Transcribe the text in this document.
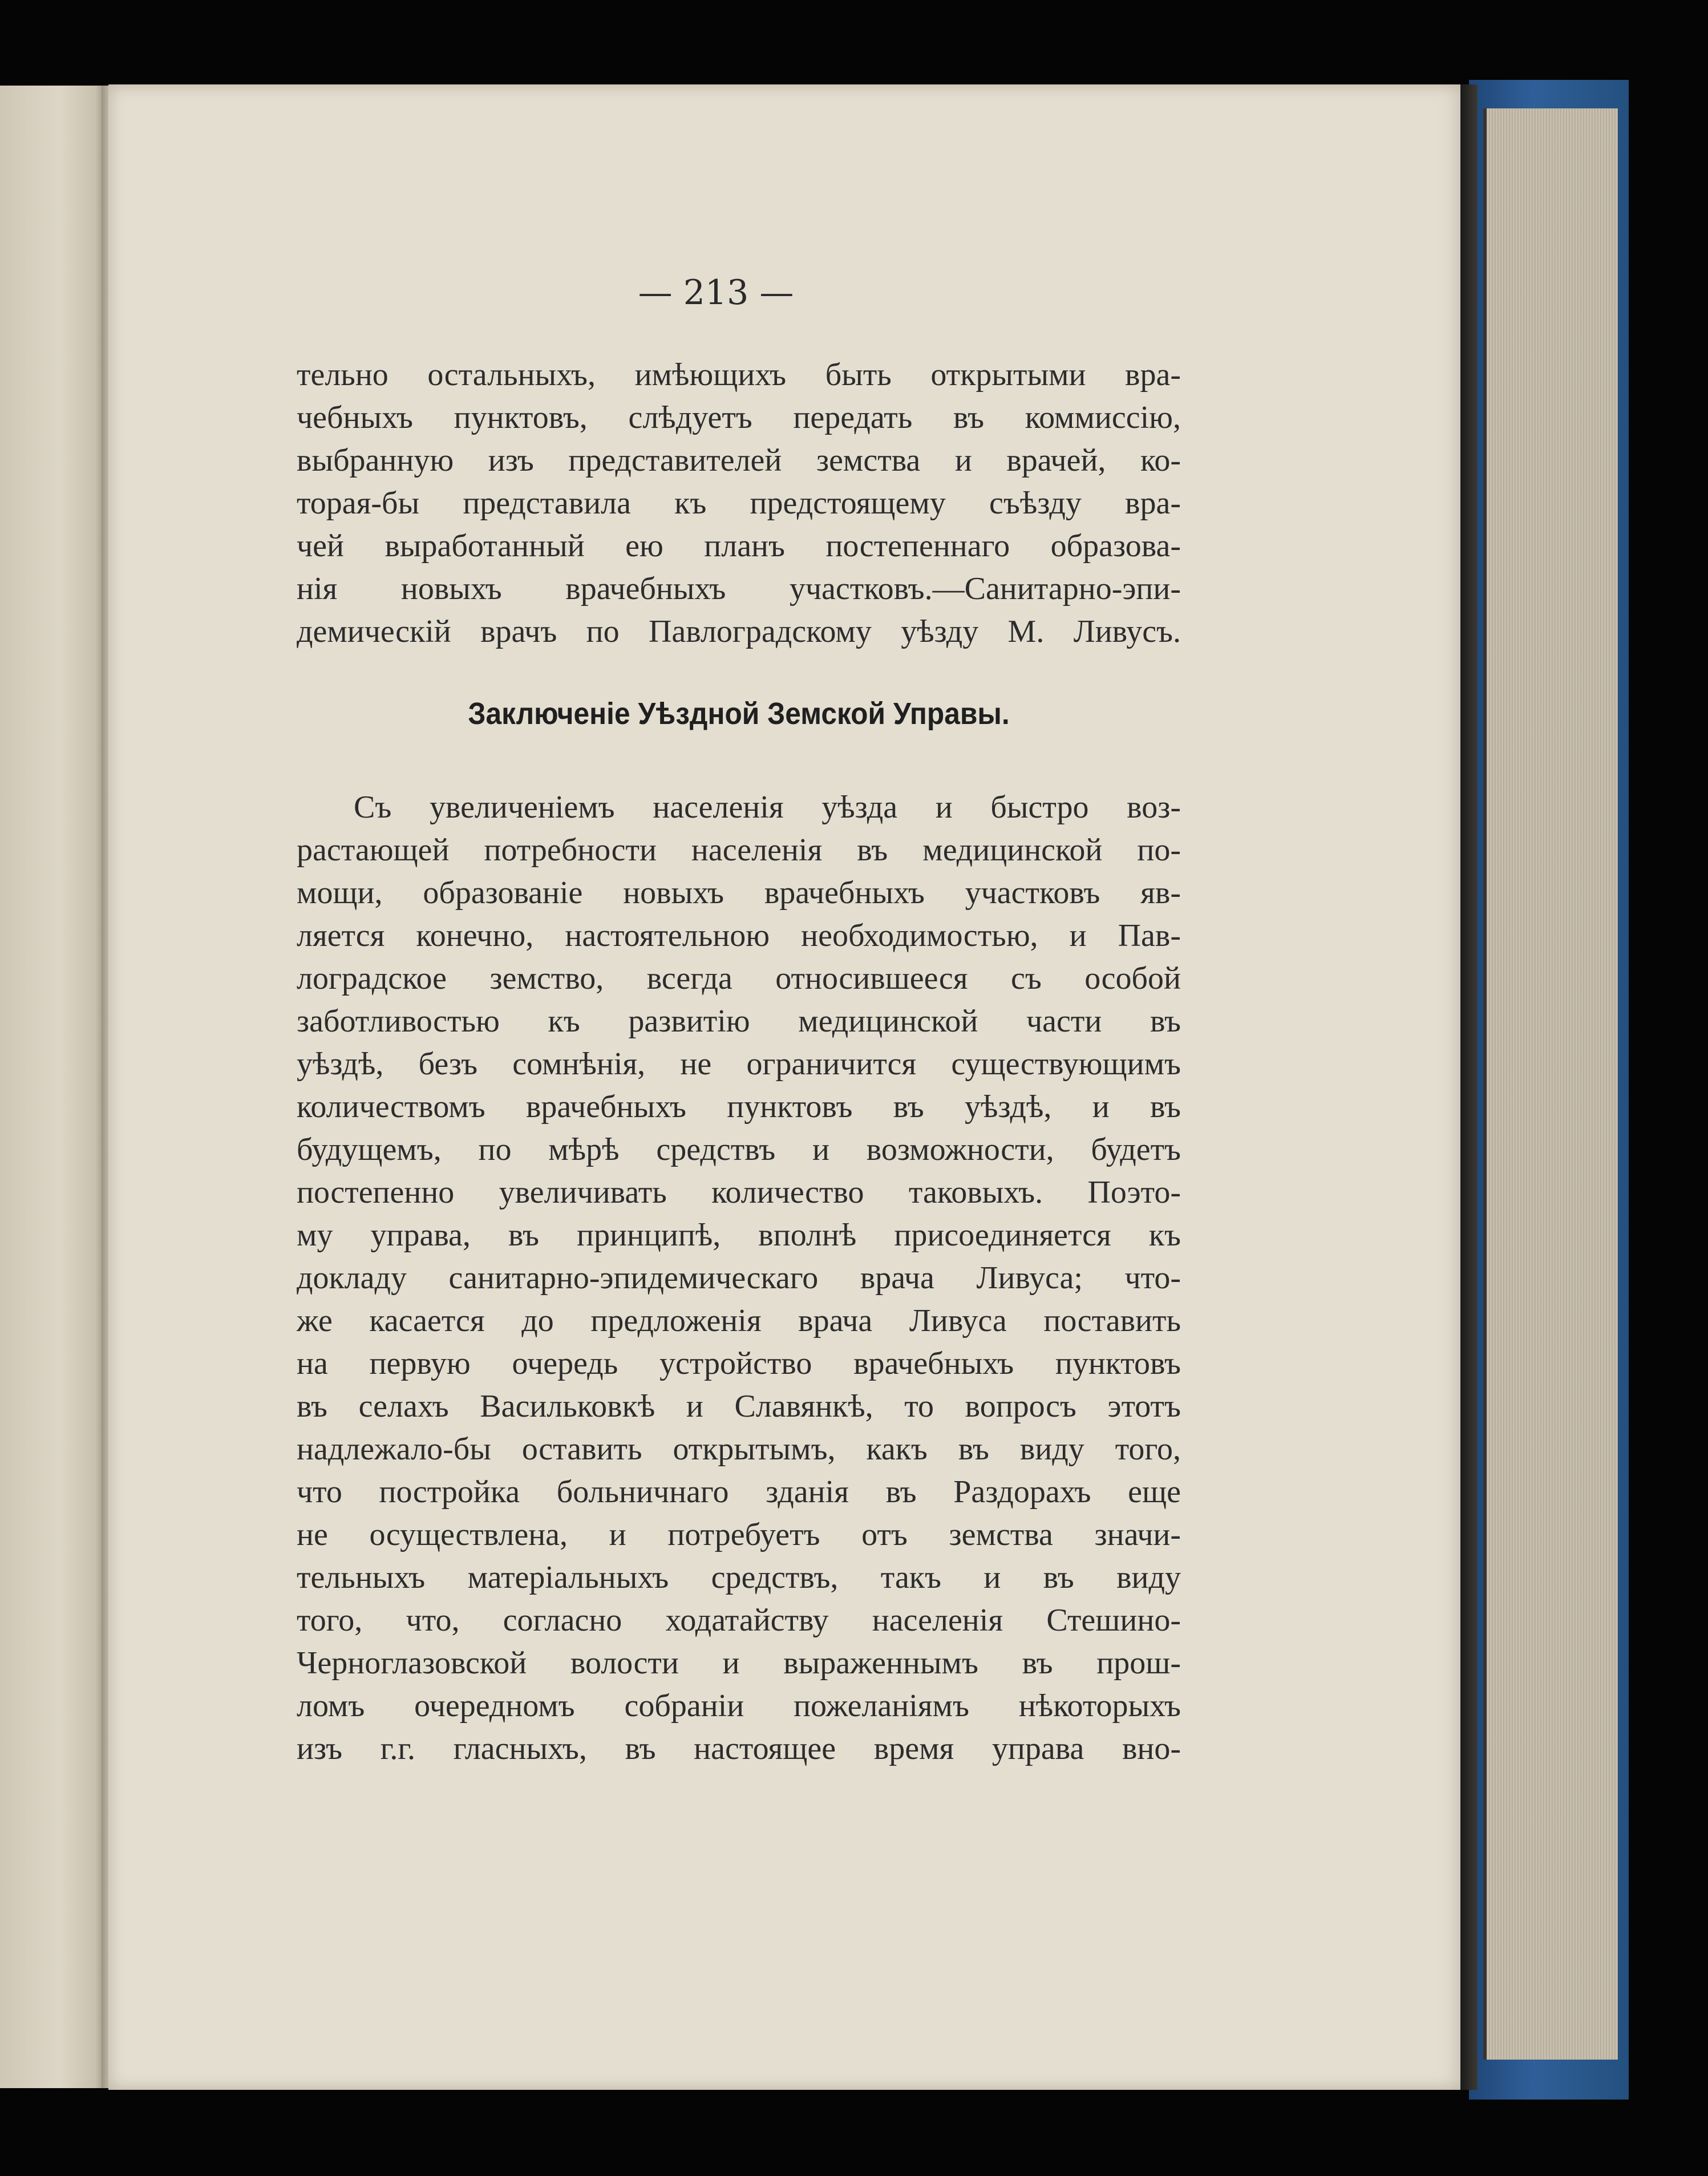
— 213 —
тельно остальныхъ, имѣющихъ быть открытыми вра-
чебныхъ пунктовъ, слѣдуетъ передать въ коммиссію,
выбранную изъ представителей земства и врачей, ко-
торая-бы представила къ предстоящему съѣзду вра-
чей выработанный ею планъ постепеннаго образова-
нія новыхъ врачебныхъ участковъ.—Санитарно-эпи-
демическій врачъ по Павлоградскому уѣзду М. Ливусъ.
Заключеніе Уѣздной Земской Управы.
Съ увеличеніемъ населенія уѣзда и быстро воз-
растающей потребности населенія въ медицинской по-
мощи, образованіе новыхъ врачебныхъ участковъ яв-
ляется конечно, настоятельною необходимостью, и Пав-
лоградское земство, всегда относившееся съ особой
заботливостью къ развитію медицинской части въ
уѣздѣ, безъ сомнѣнія, не ограничится существующимъ
количествомъ врачебныхъ пунктовъ въ уѣздѣ, и въ
будущемъ, по мѣрѣ средствъ и возможности, будетъ
постепенно увеличивать количество таковыхъ. Поэто-
му управа, въ принципѣ, вполнѣ присоединяется къ
докладу санитарно-эпидемическаго врача Ливуса; что-
же касается до предложенія врача Ливуса поставить
на первую очередь устройство врачебныхъ пунктовъ
въ селахъ Васильковкѣ и Славянкѣ, то вопросъ этотъ
надлежало-бы оставить открытымъ, какъ въ виду того,
что постройка больничнаго зданія въ Раздорахъ еще
не осуществлена, и потребуетъ отъ земства значи-
тельныхъ матеріальныхъ средствъ, такъ и въ виду
того, что, согласно ходатайству населенія Стешино-
Черноглазовской волости и выраженнымъ въ прош-
ломъ очередномъ собраніи пожеланіямъ нѣкоторыхъ
изъ г.г. гласныхъ, въ настоящее время управа вно-
